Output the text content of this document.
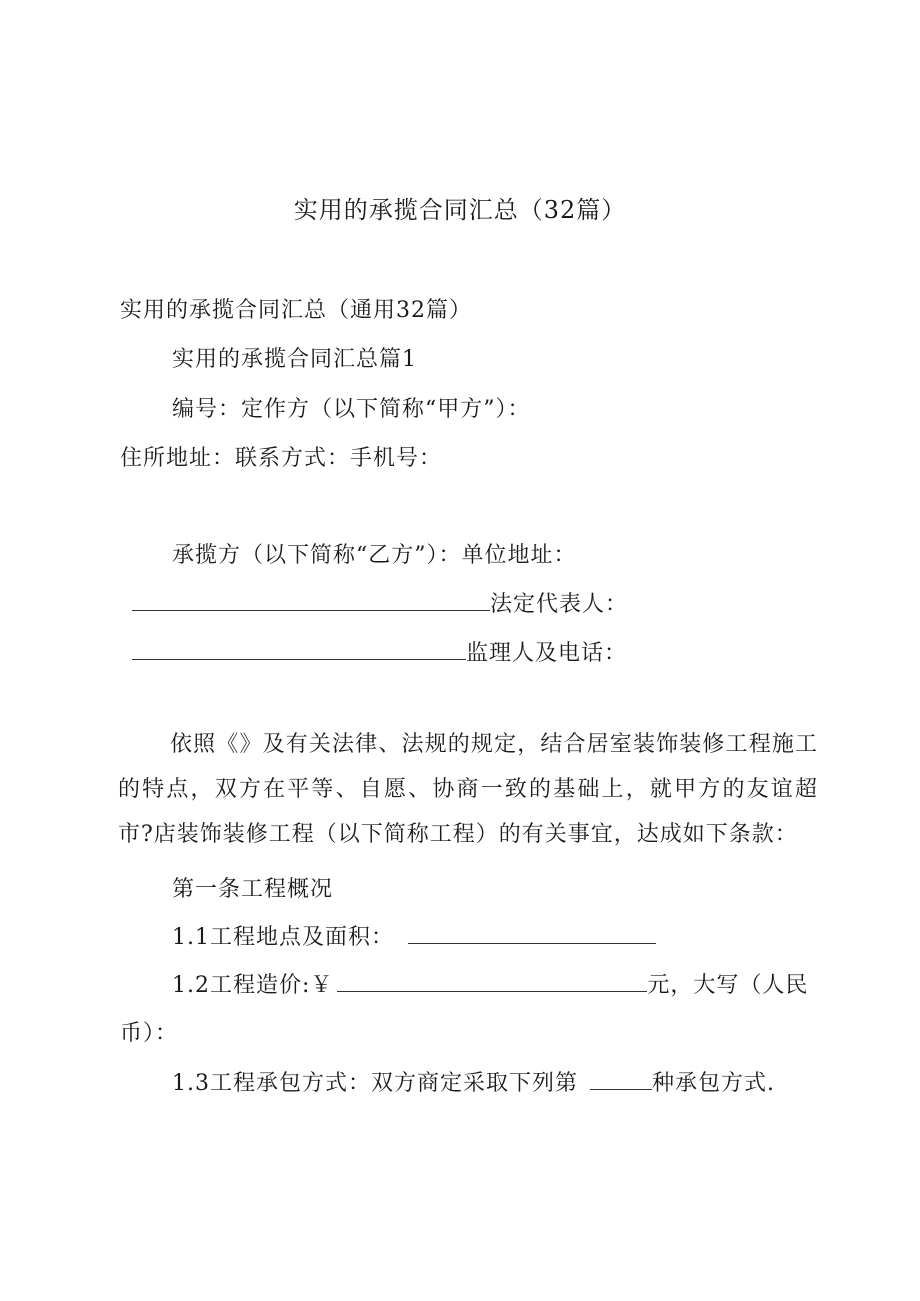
实用的承揽合同汇总（32篇）
实用的承揽合同汇总（通用32篇）
实用的承揽合同汇总篇1
编号：定作方（以下简称“甲方”）：
住所地址：联系方式：手机号：
承揽方（以下简称“乙方”）：单位地址：
法定代表人：
监理人及电话：
依照《》及有关法律、法规的规定，结合居室装饰装修工程施工的特点，双方在平等、自愿、协商一致的基础上，就甲方的友谊超市?店装饰装修工程（以下简称工程）的有关事宜，达成如下条款：
第一条工程概况
1.1工程地点及面积：
1.2工程造价:￥	元，大写（人民
币）：
1.3工程承包方式：双方商定采取下列第	种承包方式.
